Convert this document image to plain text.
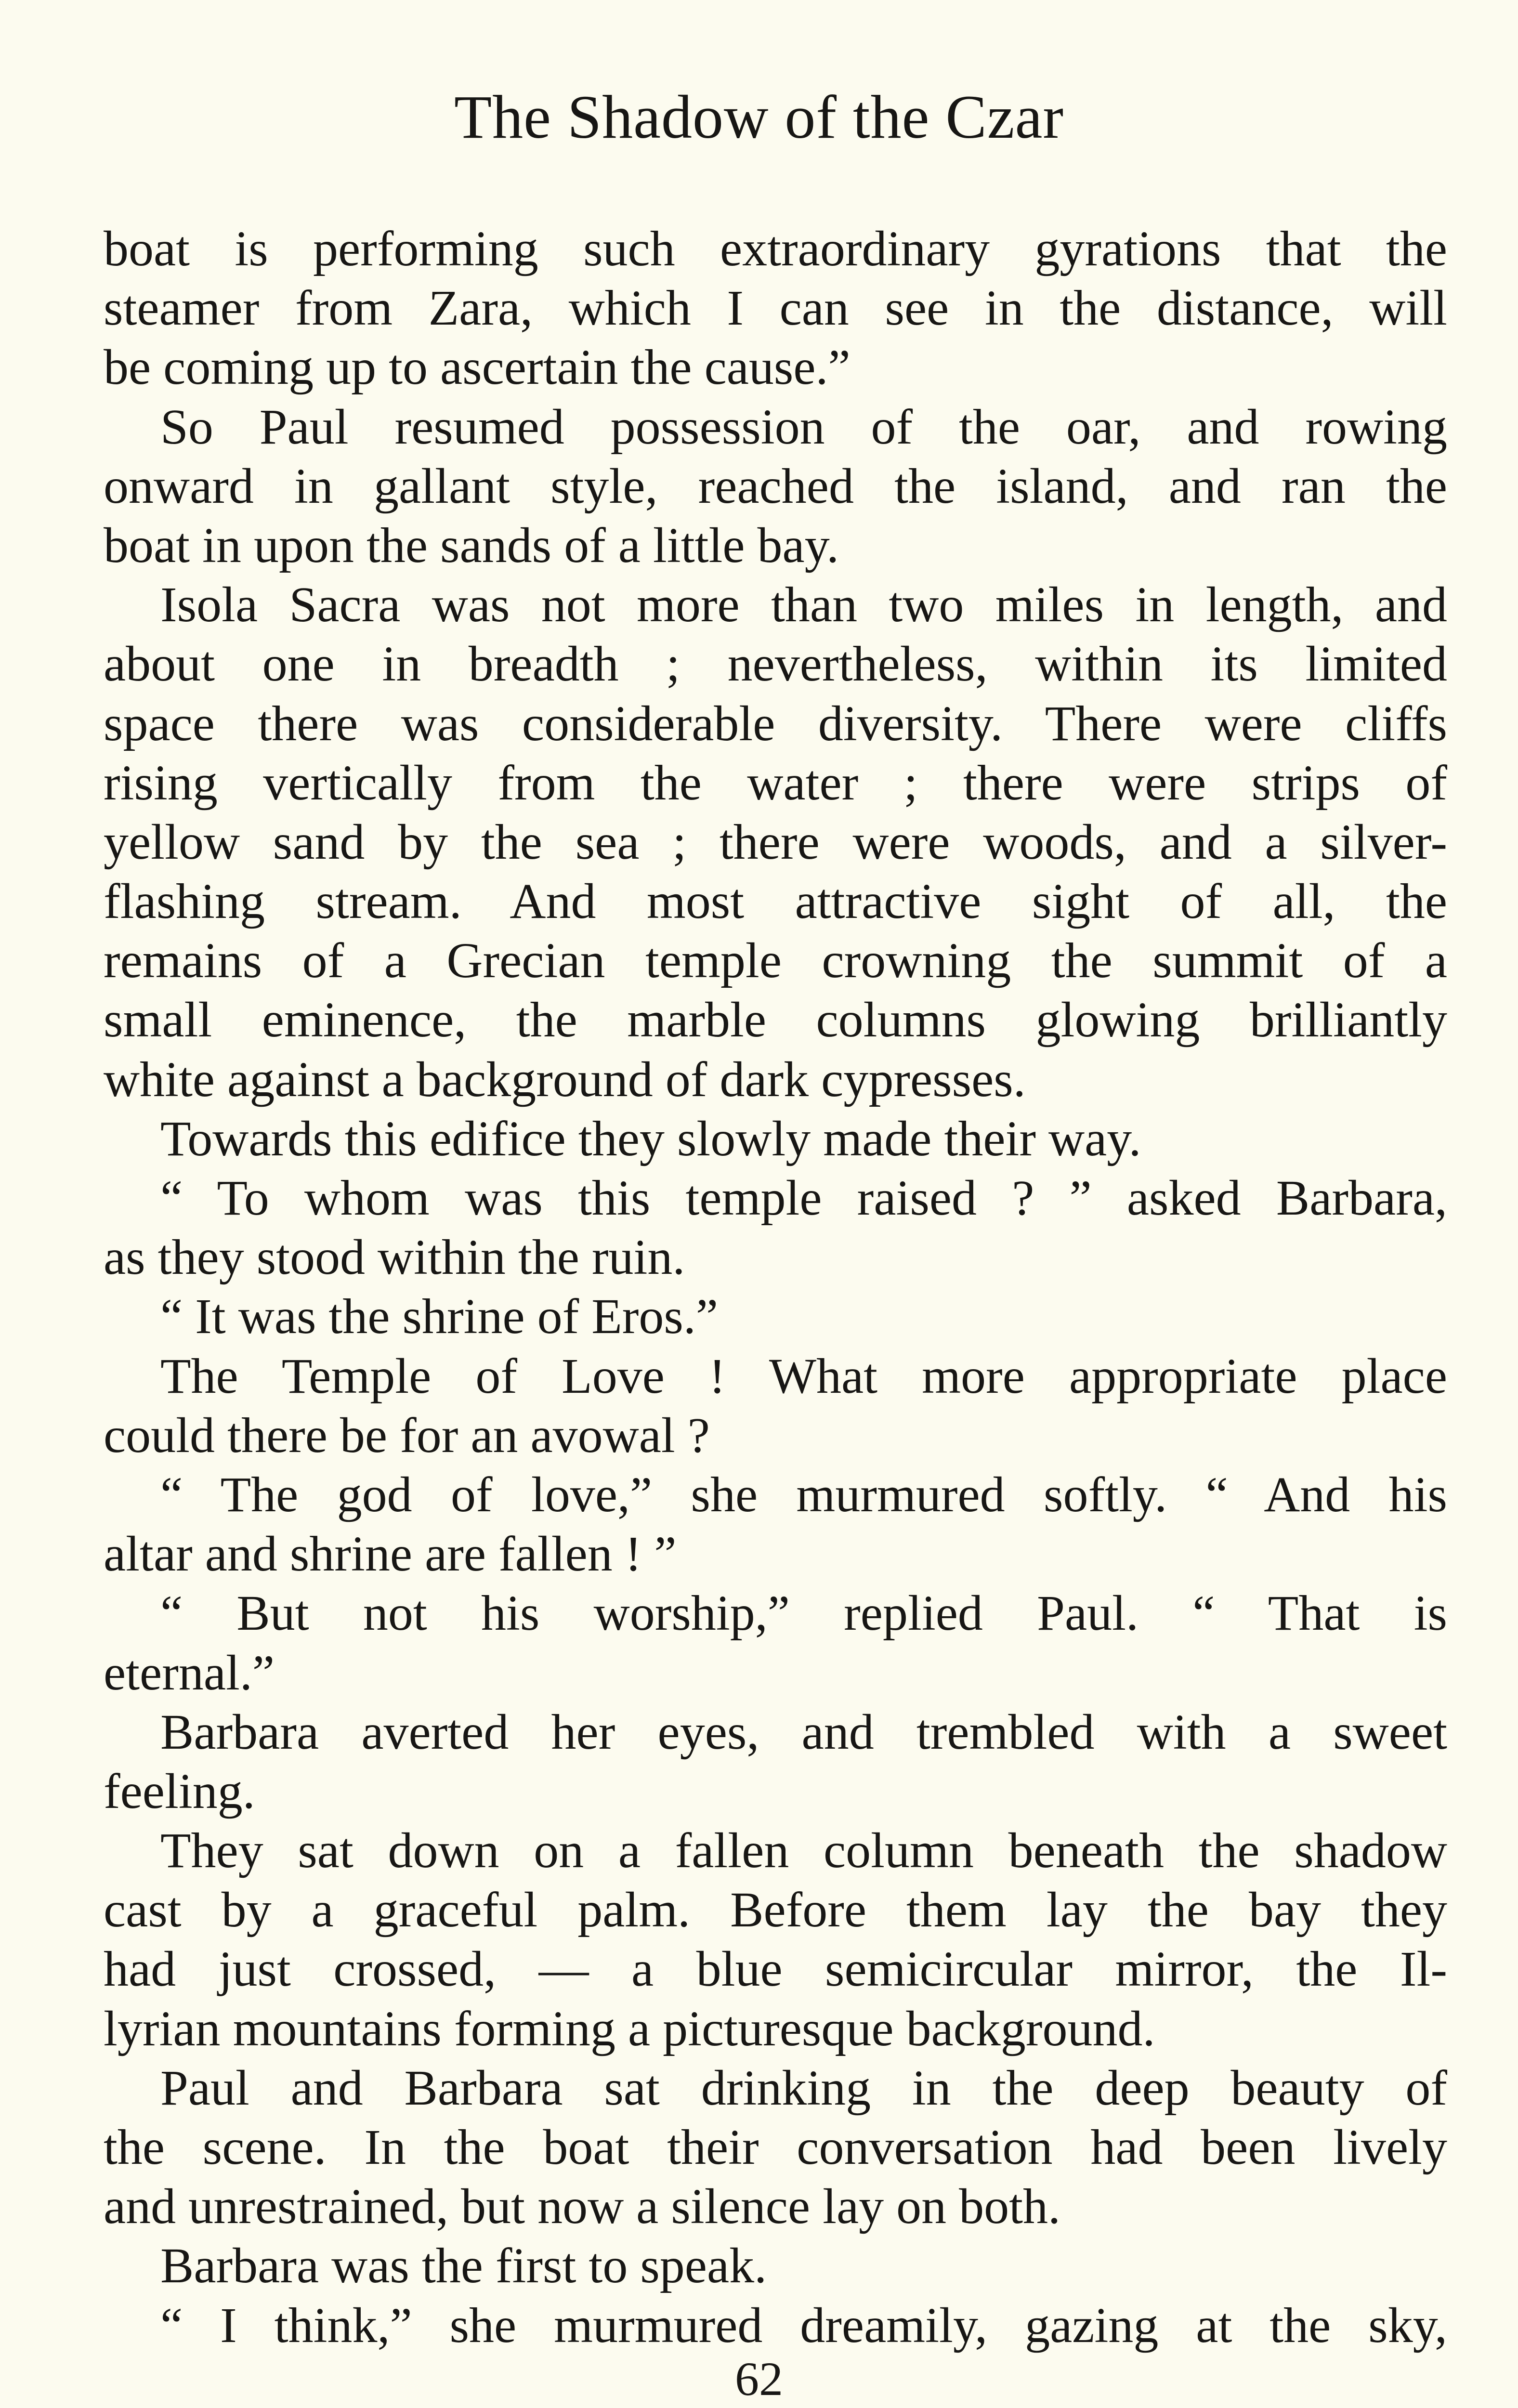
The Shadow of the Czar
boat is performing such extraordinary gyrations that the
steamer from Zara, which I can see in the distance, will
be coming up to ascertain the cause.”
So Paul resumed possession of the oar, and rowing
onward in gallant style, reached the island, and ran the
boat in upon the sands of a little bay.
Isola Sacra was not more than two miles in length, and
about one in breadth ; nevertheless, within its limited
space there was considerable diversity. There were cliffs
rising vertically from the water ; there were strips of
yellow sand by the sea ; there were woods, and a silver-
flashing stream. And most attractive sight of all, the
remains of a Grecian temple crowning the summit of a
small eminence, the marble columns glowing brilliantly
white against a background of dark cypresses.
Towards this edifice they slowly made their way.
“ To whom was this temple raised ? ” asked Barbara,
as they stood within the ruin.
“ It was the shrine of Eros.”
The Temple of Love ! What more appropriate place
could there be for an avowal ?
“ The god of love,” she murmured softly. “ And his
altar and shrine are fallen ! ”
“ But not his worship,” replied Paul. “ That is
eternal.”
Barbara averted her eyes, and trembled with a sweet
feeling.
They sat down on a fallen column beneath the shadow
cast by a graceful palm. Before them lay the bay they
had just crossed, — a blue semicircular mirror, the Il-
lyrian mountains forming a picturesque background.
Paul and Barbara sat drinking in the deep beauty of
the scene. In the boat their conversation had been lively
and unrestrained, but now a silence lay on both.
Barbara was the first to speak.
“ I think,” she murmured dreamily, gazing at the sky,
62
